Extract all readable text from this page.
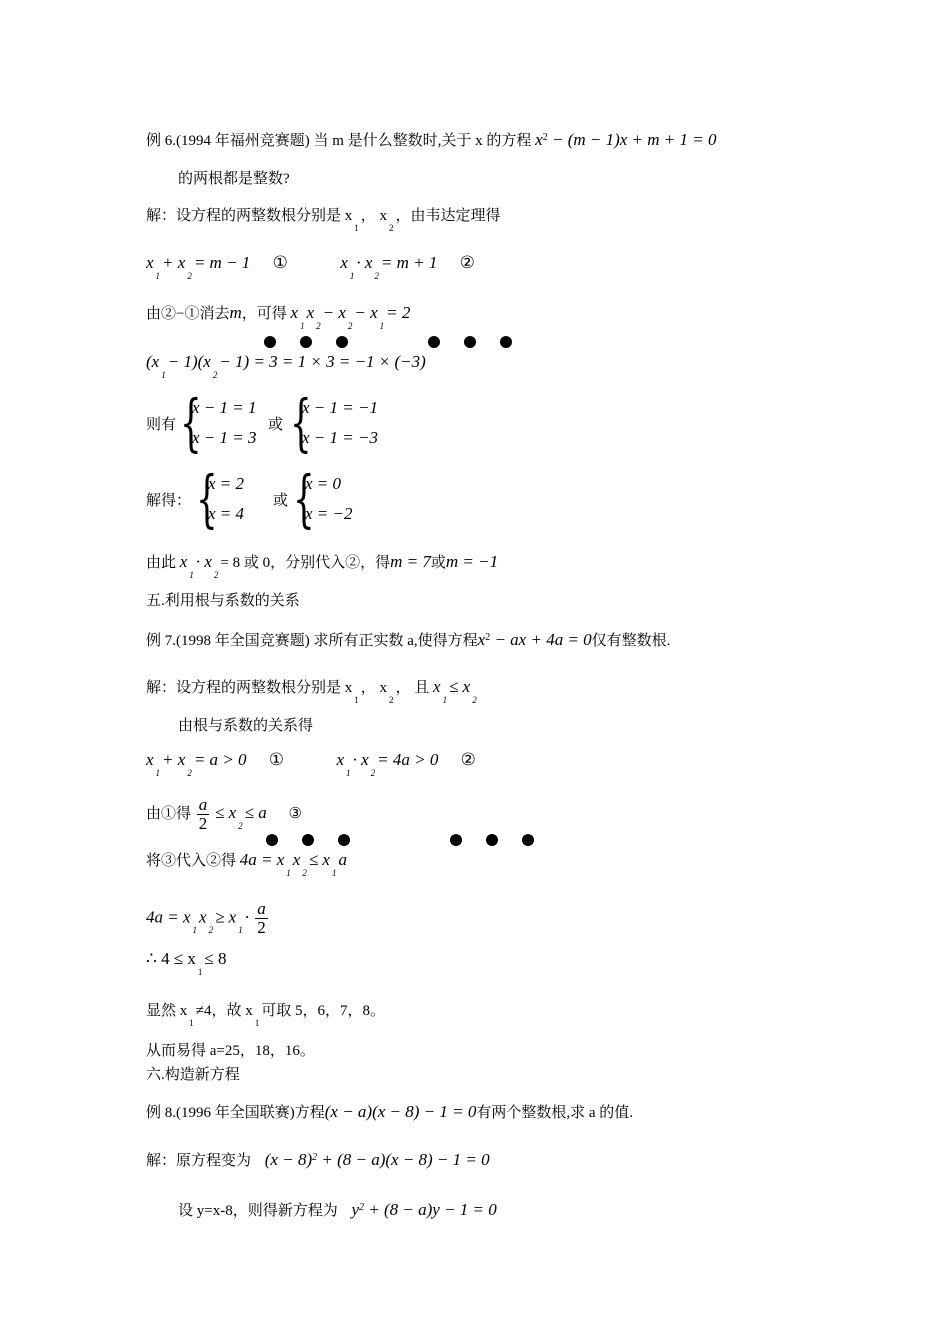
例 6.(1994 年福州竞赛题) 当 m 是什么整数时,关于 x 的方程 $x^2 - (m - 1)x + m + 1 = 0$
的两根都是整数?
解：设方程的两整数根分别是 $x_1$， $x_2$，由韦达定理得
$x_1+ x_2= m - 1$ ①	$x_1\cdot x_2= m + 1$ ②
由②−①消去m，可得 $x_1x_2- x_2- x_1= 2$
$(x_1- 1)(x_2- 1) = 3 = 1 \times 3 = -1 \times (-3)$
则有 {
x − 1 = 1
x − 1 = 3
或 {
x − 1 = −1
x − 1 = −3
解得： {
x = 2
x = 4
或 {
x = 0
x = −2
由此 $x_1\cdot x_2= 8$ 或 0，分别代入②，得m = 7或m = −1
五.利用根与系数的关系
例 7.(1998 年全国竞赛题) 求所有正实数 a,使得方程$x^2$ − ax + 4a = 0仅有整数根.
解：设方程的两整数根分别是 $x_1$， $x_2$， 且 $x_1\le x_2$
由根与系数的关系得
$x_1+ x_2= a > 0$ ①	$x_1\cdot x_2= 4a > 0$ ②
由①得 $\frac{a}{2} \le x_2\le a$ ③
将③代入②得 $4a = x_1x_2\le x_1a$
$4a = x_1x_2\ge x_1\cdot \frac{a}{2}$
∴ $4 \le x_1\le 8$
显然 $x_1\ne 4$，故 $x_1$可取 5，6，7，8。
从而易得 a=25，18，16。
六.构造新方程
例 8.(1996 年全国联赛)方程(x − a)(x − 8) − 1 = 0有两个整数根,求 a 的值.
解：原方程变为 $(x - 8)^2 + (8 - a)(x - 8) - 1 = 0$
设 y=x-8，则得新方程为 $y^2 + (8 - a)y - 1 = 0$
